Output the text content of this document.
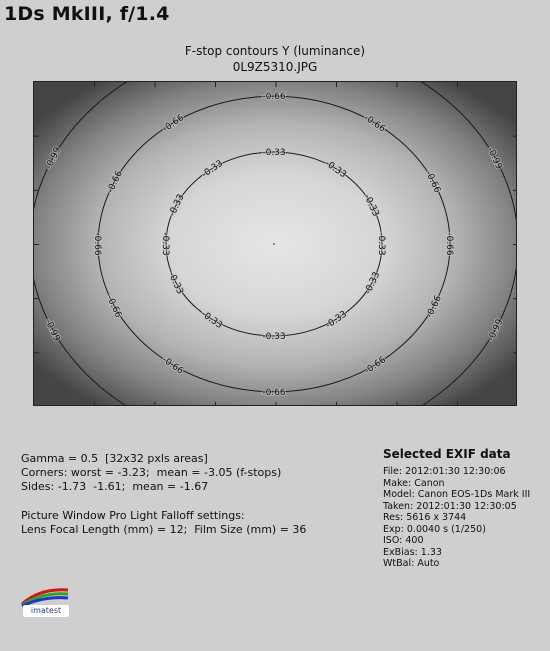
1Ds MkIII, f/1.4
F-stop contours Y (luminance)
0L9Z5310.JPG
-0.33
-0.33
-0.33
-0.33
-0.33
-0.33
-0.33
-0.33
-0.33
-0.33
-0.33
-0.33
-0.66
-0.66
-0.66
-0.66
-0.66
-0.66
-0.66
-0.66
-0.66
-0.66
-0.66
-0.66
-0.99
-0.99
-0.99
-0.99
Gamma = 0.5  [32x32 pxls areas]
Corners: worst = -3.23;  mean = -3.05 (f-stops)
Sides: -1.73  -1.61;  mean = -1.67
Picture Window Pro Light Falloff settings:
Lens Focal Length (mm) = 12;  Film Size (mm) = 36
Selected EXIF data
File: 2012:01:30 12:30:06
Make: Canon
Model: Canon EOS-1Ds Mark III
Taken: 2012:01:30 12:30:05
Res: 5616 x 3744
Exp: 0.0040 s (1/250)
ISO: 400
ExBias: 1.33
WtBal: Auto
imatest
